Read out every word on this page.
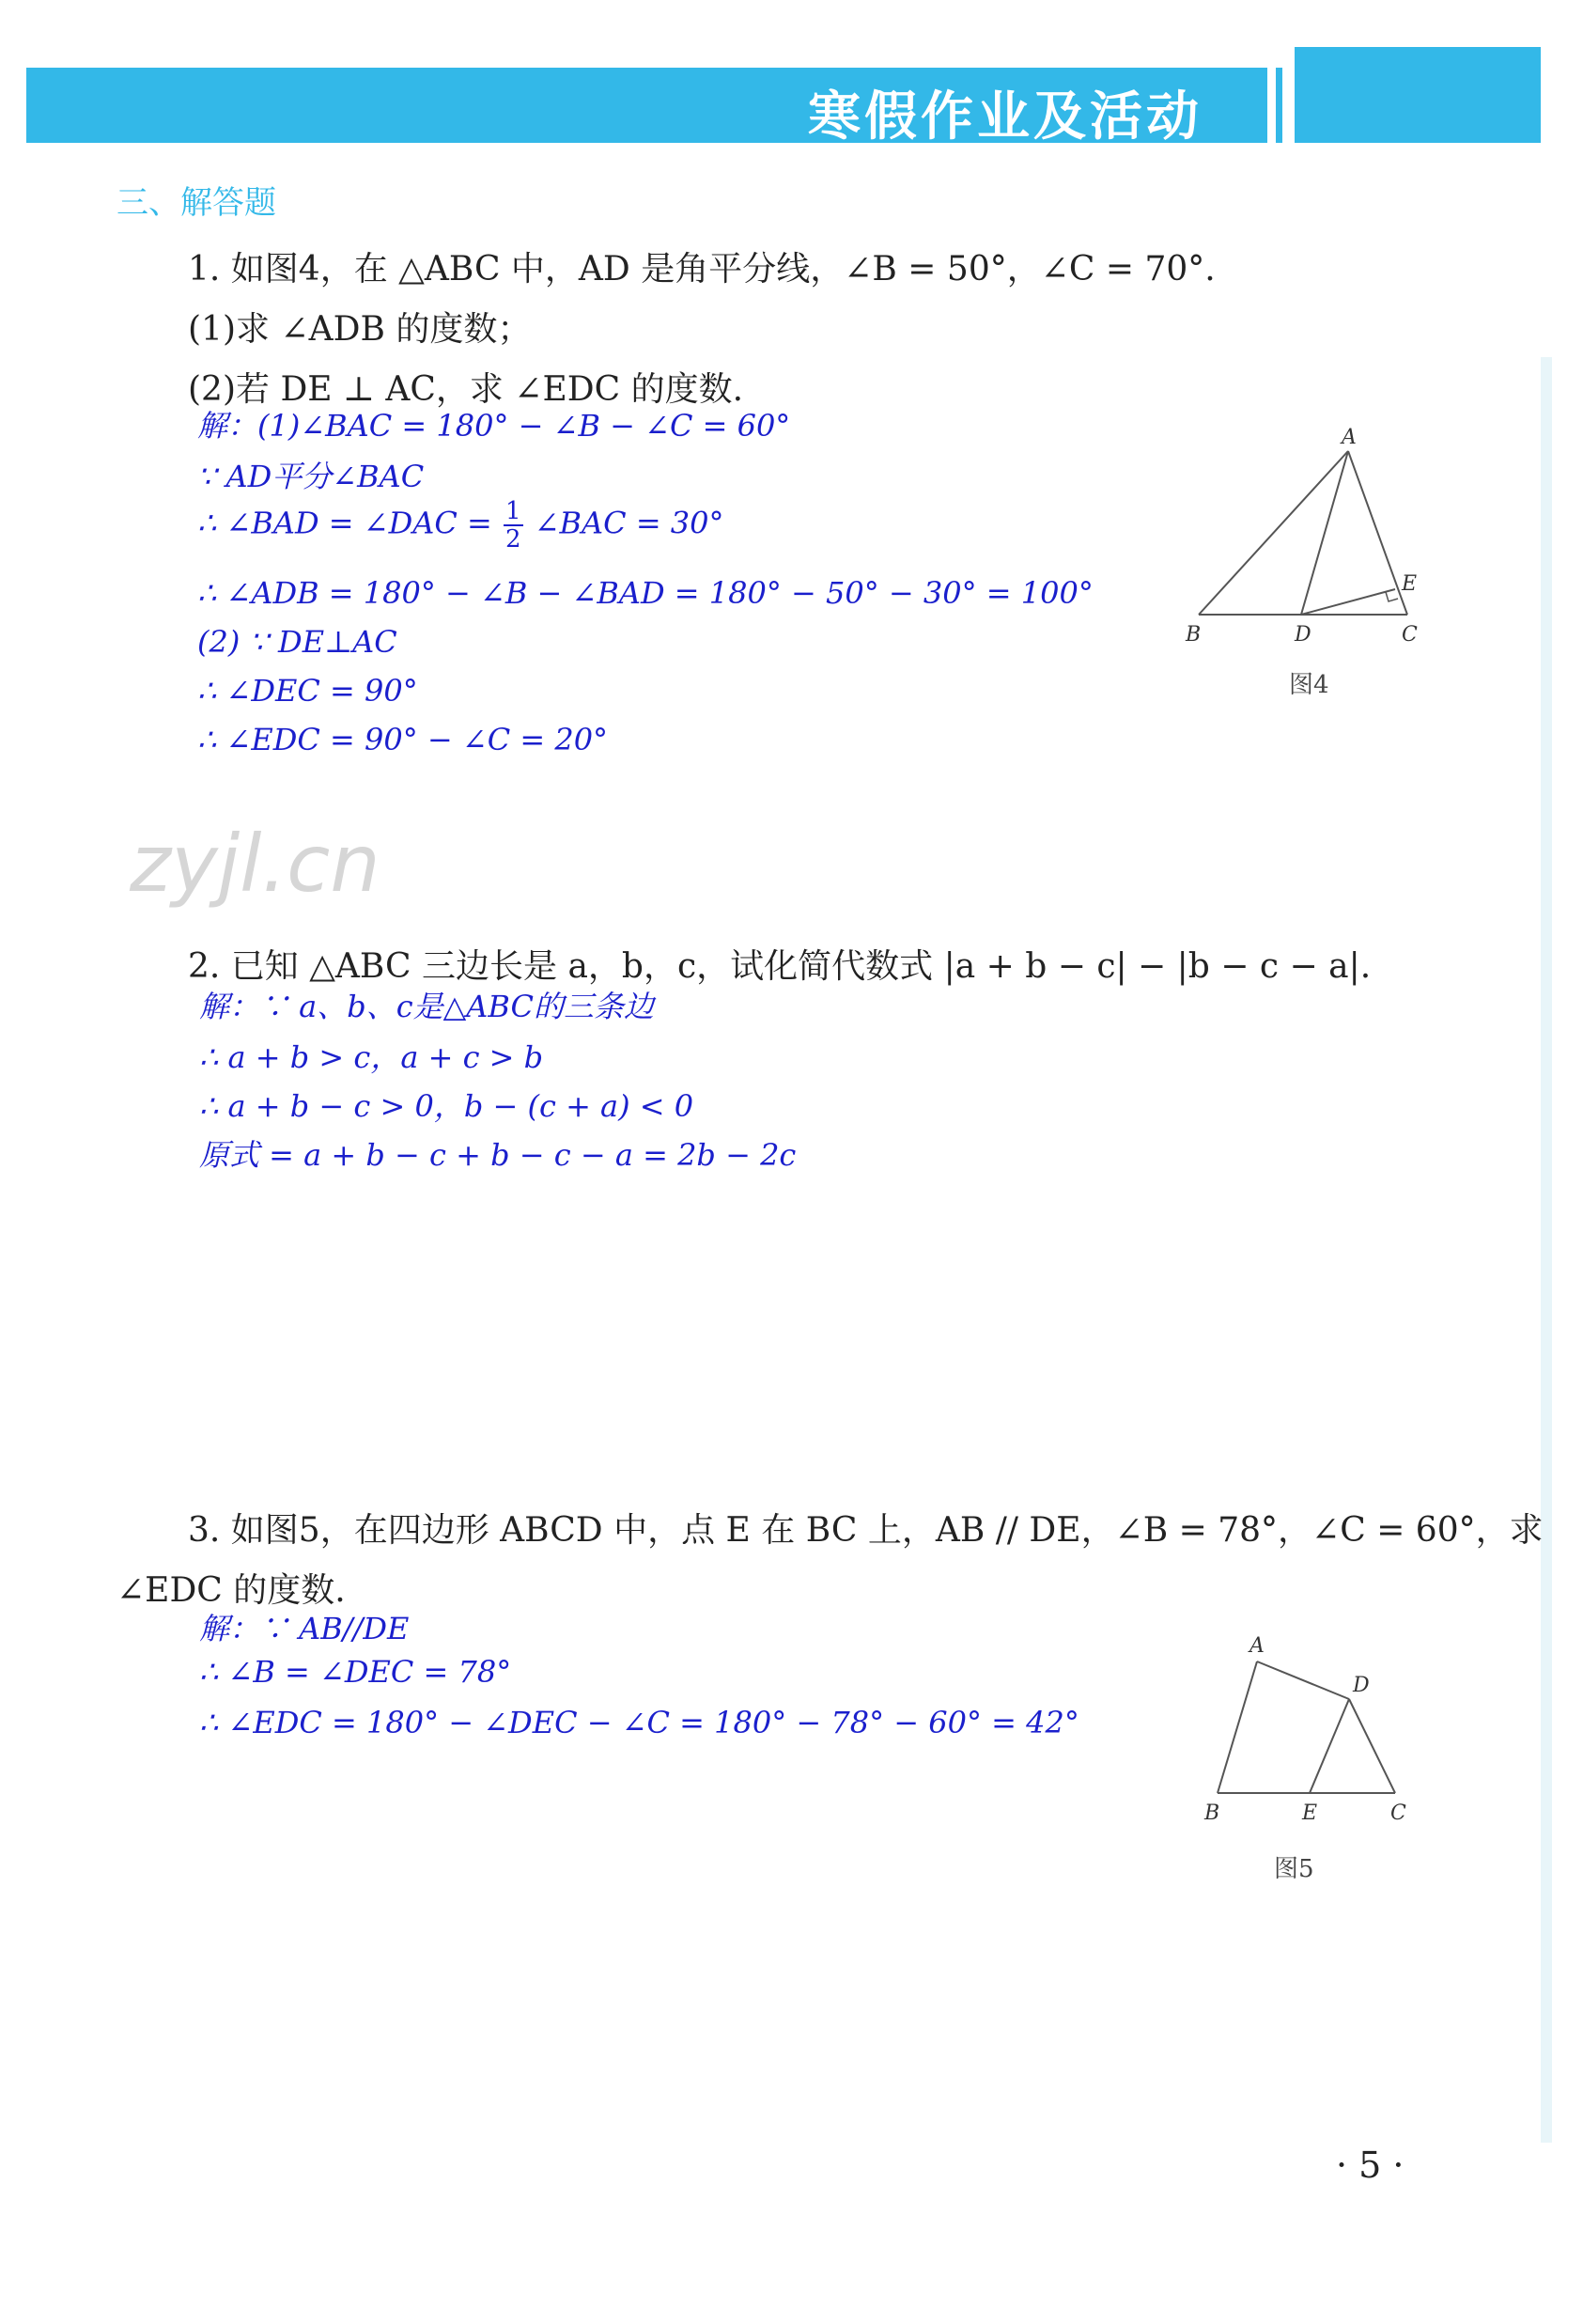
寒假作业及活动
三、解答题
1. 如图4，在 △ABC 中，AD 是角平分线，∠B = 50°，∠C = 70°.
(1)求 ∠ADB 的度数；
(2)若 DE ⊥ AC，求 ∠EDC 的度数.
解：(1)∠BAC = 180° − ∠B − ∠C = 60°
∵ AD平分∠BAC
∴ ∠BAD = ∠DAC = $\frac{1}{2}$ ∠BAC = 30°
∴ ∠ADB = 180° − ∠B − ∠BAD = 180° − 50° − 30° = 100°
(2) ∵ DE⊥AC
∴ ∠DEC = 90°
∴ ∠EDC = 90° − ∠C = 20°
A
B	D	C
E
图4
zyjl.cn
2. 已知 △ABC 三边长是 a，b，c，试化简代数式 |a + b − c| − |b − c − a|.
解：∵ a、b、c是△ABC的三条边
∴ a + b > c，a + c > b
∴ a + b − c > 0，b − (c + a) < 0
原式 = a + b − c + b − c − a = 2b − 2c
3. 如图5，在四边形 ABCD 中，点 E 在 BC 上，AB // DE，∠B = 78°，∠C = 60°，求
∠EDC 的度数.
解：∵ AB//DE
∴ ∠B = ∠DEC = 78°
∴ ∠EDC = 180° − ∠DEC − ∠C = 180° − 78° − 60° = 42°
A
D
B	E	C
图5
· 5 ·
